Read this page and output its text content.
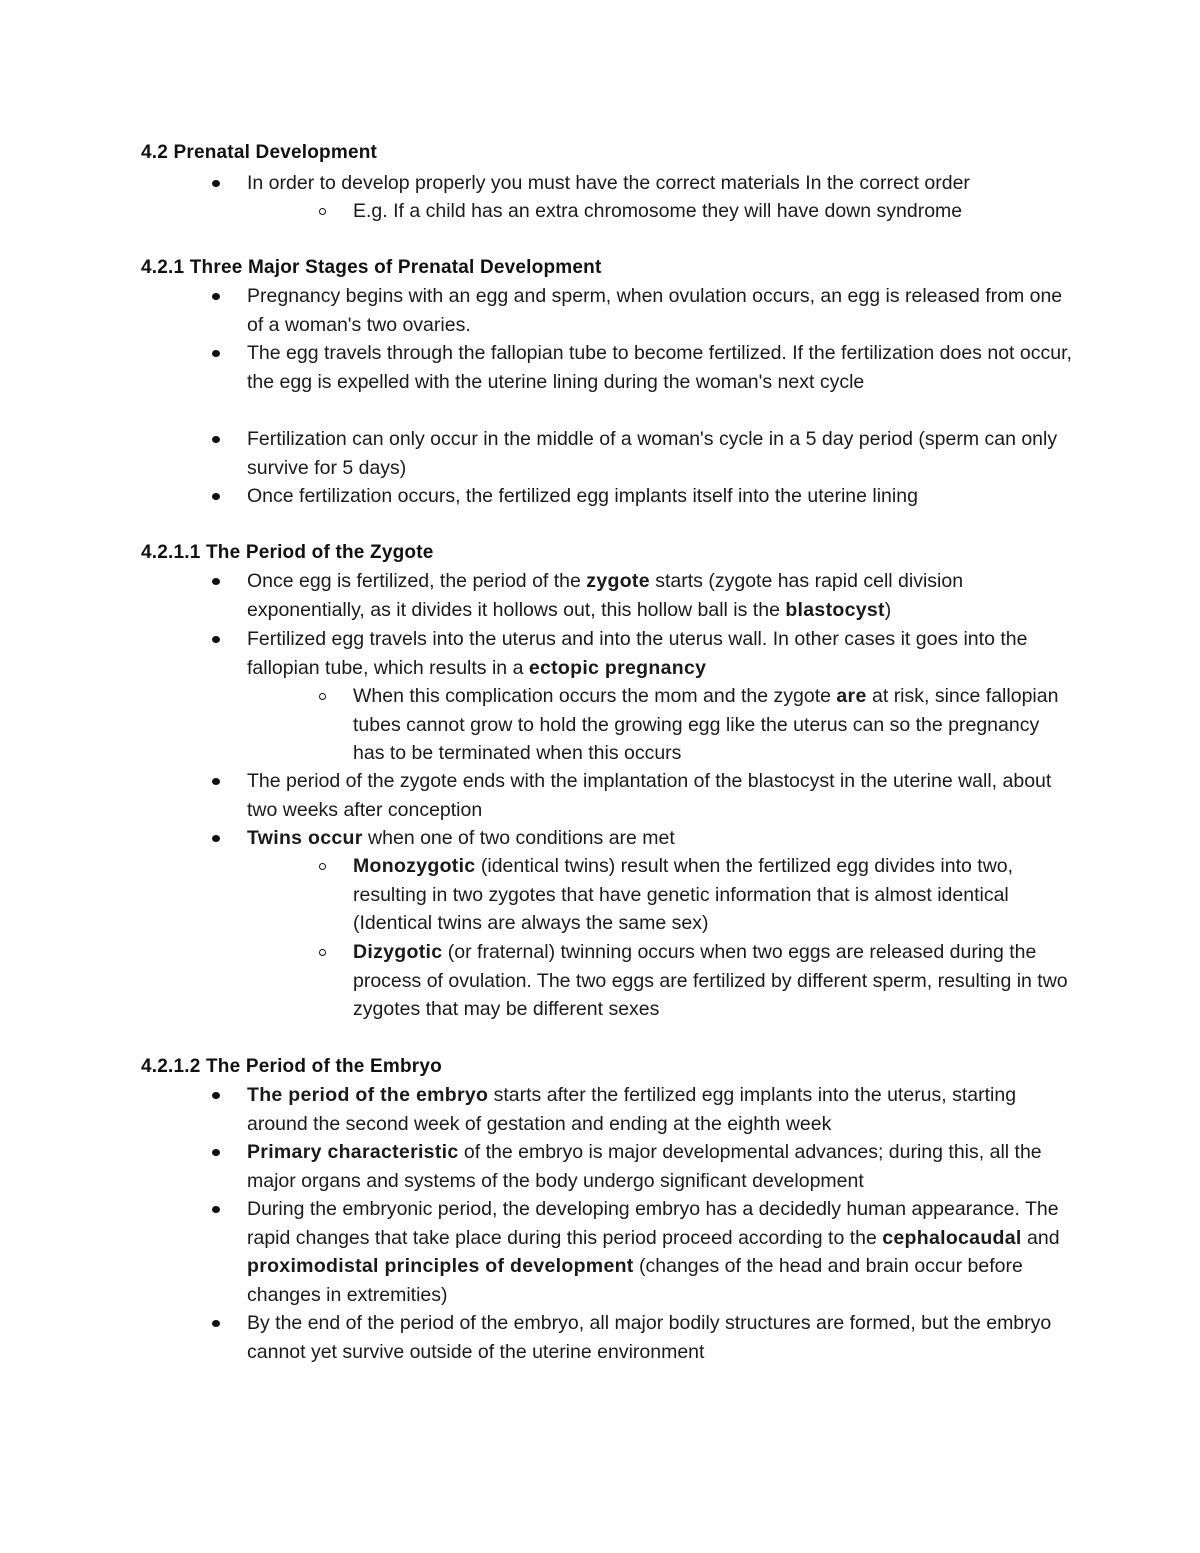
4.2 Prenatal Development
In order to develop properly you must have the correct materials In the correct order
E.g. If a child has an extra chromosome they will have down syndrome
4.2.1 Three Major Stages of Prenatal Development
Pregnancy begins with an egg and sperm, when ovulation occurs, an egg is released from one of a woman's two ovaries.
The egg travels through the fallopian tube to become fertilized. If the fertilization does not occur, the egg is expelled with the uterine lining during the woman's next cycle
Fertilization can only occur in the middle of a woman's cycle in a 5 day period (sperm can only survive for 5 days)
Once fertilization occurs, the fertilized egg implants itself into the uterine lining
4.2.1.1 The Period of the Zygote
Once egg is fertilized, the period of the zygote starts (zygote has rapid cell division exponentially, as it divides it hollows out, this hollow ball is the blastocyst)
Fertilized egg travels into the uterus and into the uterus wall. In other cases it goes into the fallopian tube, which results in a ectopic pregnancy
When this complication occurs the mom and the zygote are at risk, since fallopian tubes cannot grow to hold the growing egg like the uterus can so the pregnancy has to be terminated when this occurs
The period of the zygote ends with the implantation of the blastocyst in the uterine wall, about two weeks after conception
Twins occur when one of two conditions are met
Monozygotic (identical twins) result when the fertilized egg divides into two, resulting in two zygotes that have genetic information that is almost identical (Identical twins are always the same sex)
Dizygotic (or fraternal) twinning occurs when two eggs are released during the process of ovulation. The two eggs are fertilized by different sperm, resulting in two zygotes that may be different sexes
4.2.1.2 The Period of the Embryo
The period of the embryo starts after the fertilized egg implants into the uterus, starting around the second week of gestation and ending at the eighth week
Primary characteristic of the embryo is major developmental advances; during this, all the major organs and systems of the body undergo significant development
During the embryonic period, the developing embryo has a decidedly human appearance. The rapid changes that take place during this period proceed according to the cephalocaudal and proximodistal principles of development (changes of the head and brain occur before changes in extremities)
By the end of the period of the embryo, all major bodily structures are formed, but the embryo cannot yet survive outside of the uterine environment
